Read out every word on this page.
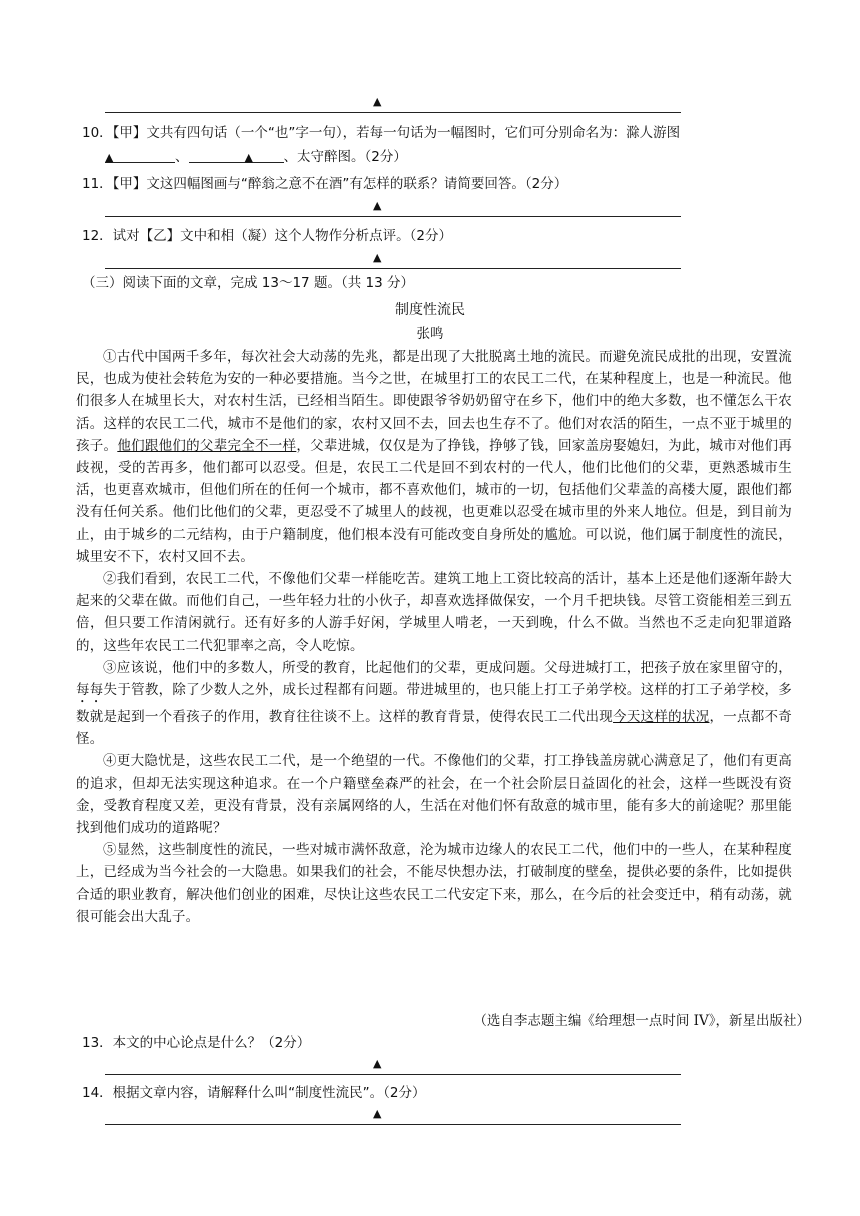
▲
10．【甲】文共有四句话（一个“也”字一句），若每一句话为一幅图时，它们可分别命名为：滁人游图
▲	、	▲ 、太守醉图。（2分）
11．【甲】文这四幅图画与“醉翁之意不在酒”有怎样的联系？请简要回答。（2分）
▲
12．试对【乙】文中和相（凝）这个人物作分析点评。（2分）
▲
（三）阅读下面的文章，完成 13～17 题。（共 13 分）
制度性流民
张鸣

①古代中国两千多年，每次社会大动荡的先兆，都是出现了大批脱离土地的流民。而避免流民成批的出现，安置流民，也成为使社会转危为安的一种必要措施。当今之世，在城里打工的农民工二代，在某种程度上，也是一种流民。他们很多人在城里长大，对农村生活，已经相当陌生。即使跟爷爷奶奶留守在乡下，他们中的绝大多数，也不懂怎么干农活。这样的农民工二代，城市不是他们的家，农村又回不去，回去也生存不了。他们对农活的陌生，一点不亚于城里的孩子。他们跟他们的父辈完全不一样，父辈进城，仅仅是为了挣钱，挣够了钱，回家盖房娶媳妇，为此，城市对他们再歧视，受的苦再多，他们都可以忍受。但是，农民工二代是回不到农村的一代人，他们比他们的父辈，更熟悉城市生活，也更喜欢城市，但他们所在的任何一个城市，都不喜欢他们，城市的一切，包括他们父辈盖的高楼大厦，跟他们都没有任何关系。他们比他们的父辈，更忍受不了城里人的歧视，也更难以忍受在城市里的外来人地位。但是，到目前为止，由于城乡的二元结构，由于户籍制度，他们根本没有可能改变自身所处的尴尬。可以说，他们属于制度性的流民，城里安不下，农村又回不去。

②我们看到，农民工二代，不像他们父辈一样能吃苦。建筑工地上工资比较高的活计，基本上还是他们逐渐年龄大起来的父辈在做。而他们自己，一些年轻力壮的小伙子，却喜欢选择做保安，一个月千把块钱。尽管工资能相差三到五倍，但只要工作清闲就行。还有好多的人游手好闲，学城里人啃老，一天到晚，什么不做。当然也不乏走向犯罪道路的，这些年农民工二代犯罪率之高，令人吃惊。

③应该说，他们中的多数人，所受的教育，比起他们的父辈，更成问题。父母进城打工，把孩子放在家里留守的，每每失于管教，除了少数人之外，成长过程都有问题。带进城里的，也只能上打工子弟学校。这样的打工子弟学校，多数就是起到一个看孩子的作用，教育往往谈不上。这样的教育背景，使得农民工二代出现今天这样的状况，一点都不奇怪。

④更大隐忧是，这些农民工二代，是一个绝望的一代。不像他们的父辈，打工挣钱盖房就心满意足了，他们有更高的追求，但却无法实现这种追求。在一个户籍壁垒森严的社会，在一个社会阶层日益固化的社会，这样一些既没有资金，受教育程度又差，更没有背景，没有亲属网络的人，生活在对他们怀有敌意的城市里，能有多大的前途呢？那里能找到他们成功的道路呢？

⑤显然，这些制度性的流民，一些对城市满怀敌意，沦为城市边缘人的农民工二代，他们中的一些人，在某种程度上，已经成为当今社会的一大隐患。如果我们的社会，不能尽快想办法，打破制度的壁垒，提供必要的条件，比如提供合适的职业教育，解决他们创业的困难，尽快让这些农民工二代安定下来，那么，在今后的社会变迁中，稍有动荡，就很可能会出大乱子。

（选自李志题主编《给理想一点时间 IV》，新星出版社）
13．本文的中心论点是什么？（2分）
▲
14．根据文章内容，请解释什么叫“制度性流民”。（2分）
▲
